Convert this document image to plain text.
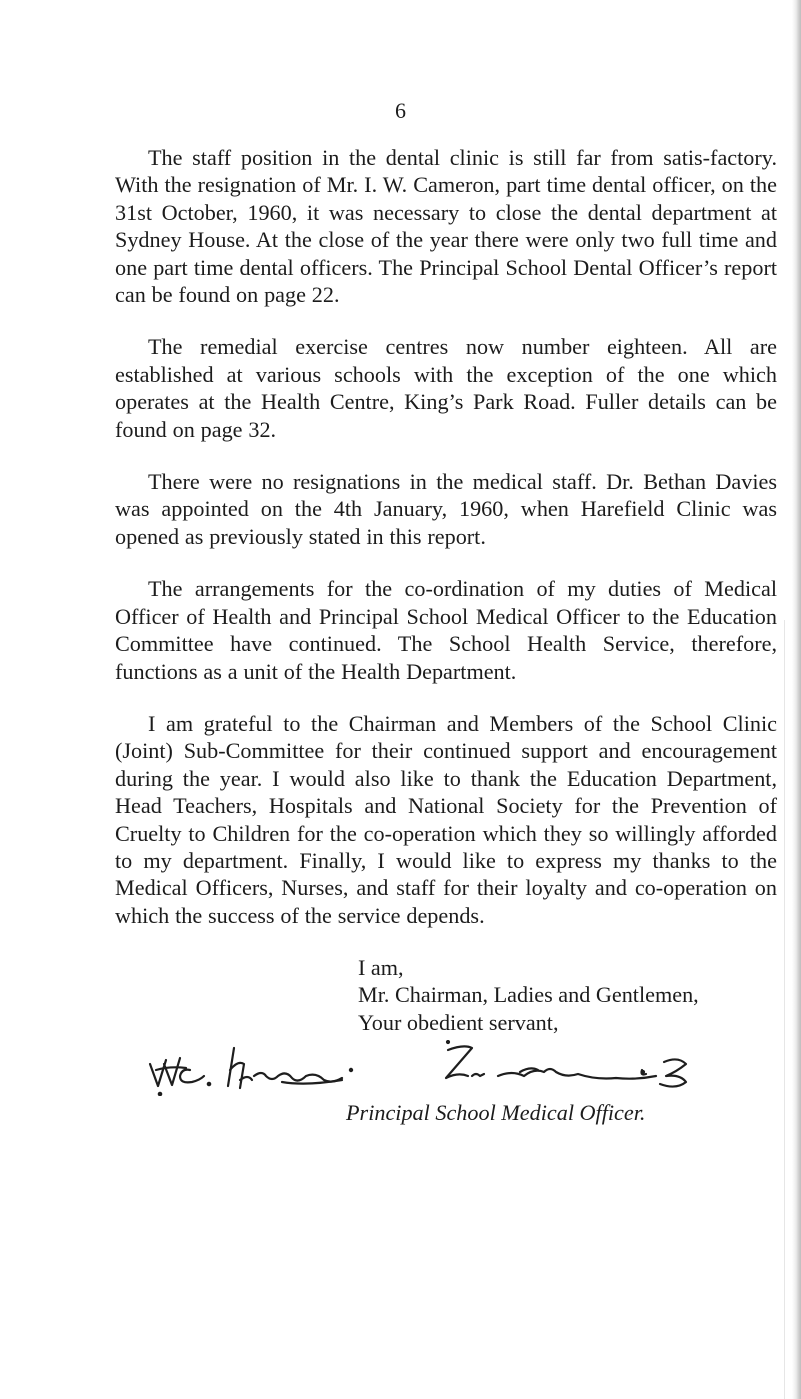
6

The staff position in the dental clinic is still far from satis-factory. With the resignation of Mr. I. W. Cameron, part time dental officer, on the 31st October, 1960, it was necessary to close the dental department at Sydney House. At the close of the year there were only two full time and one part time dental officers. The Principal School Dental Officer’s report can be found on page 22.

The remedial exercise centres now number eighteen. All are established at various schools with the exception of the one which operates at the Health Centre, King’s Park Road. Fuller details can be found on page 32.

There were no resignations in the medical staff. Dr. Bethan Davies was appointed on the 4th January, 1960, when Harefield Clinic was opened as previously stated in this report.

The arrangements for the co-ordination of my duties of Medical Officer of Health and Principal School Medical Officer to the Education Committee have continued. The School Health Service, therefore, functions as a unit of the Health Department.

I am grateful to the Chairman and Members of the School Clinic (Joint) Sub-Committee for their continued support and encouragement during the year. I would also like to thank the Education Department, Head Teachers, Hospitals and National Society for the Prevention of Cruelty to Children for the co-operation which they so willingly afforded to my department. Finally, I would like to express my thanks to the Medical Officers, Nurses, and staff for their loyalty and co-operation on which the success of the service depends.

I am,
Mr. Chairman, Ladies and Gentlemen,
Your obedient servant,
Principal School Medical Officer.
